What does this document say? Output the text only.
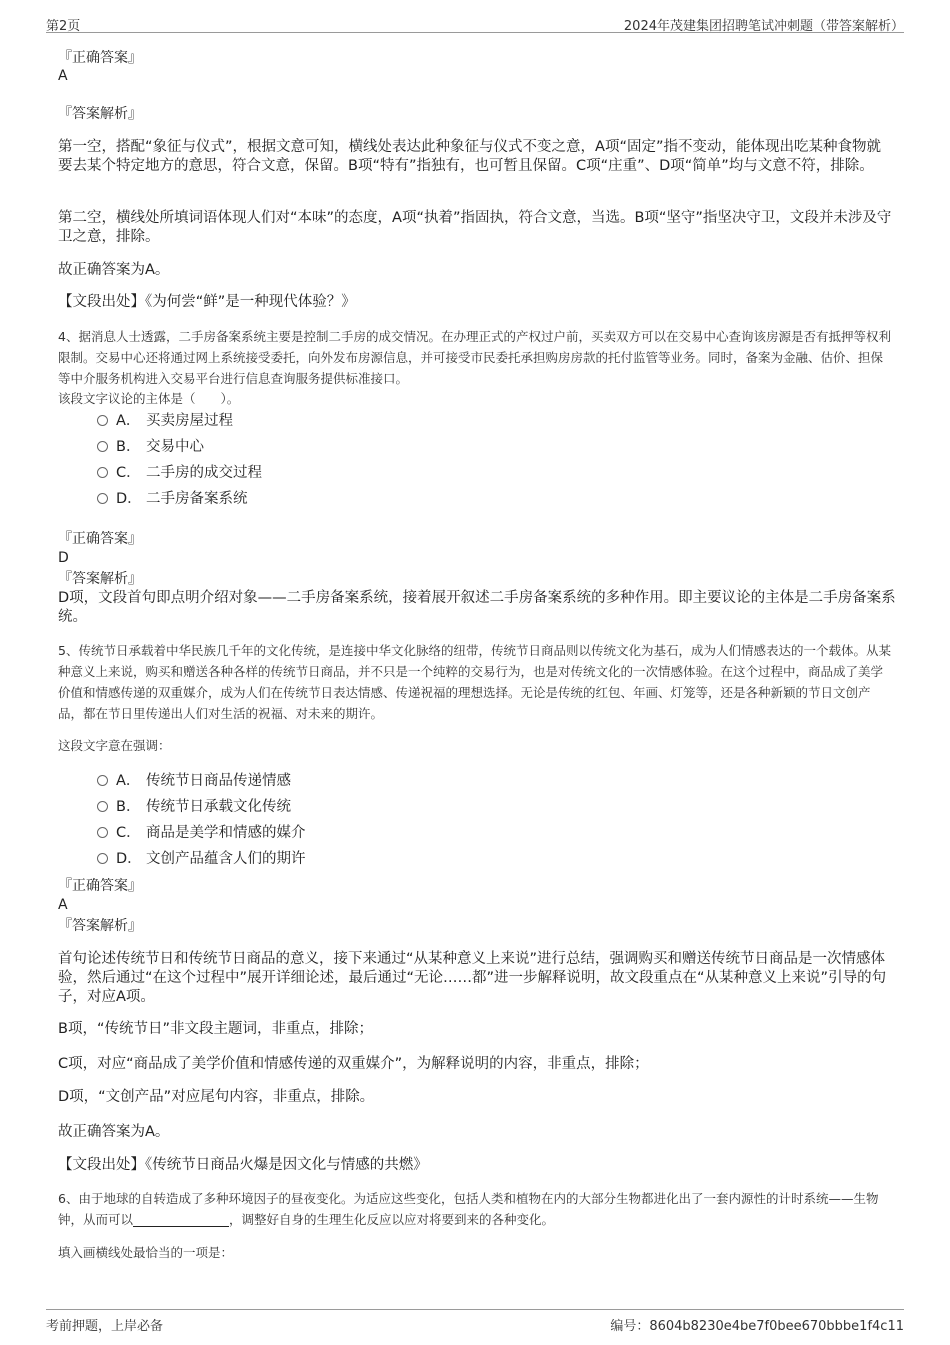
第2页	2024年茂建集团招聘笔试冲刺题（带答案解析）
『正确答案』
A
『答案解析』
第一空，搭配“象征与仪式”，根据文意可知，横线处表达此种象征与仪式不变之意，A项“固定”指不变动，能体现出吃某种食物就要去某个特定地方的意思，符合文意，保留。B项“特有”指独有，也可暂且保留。C项“庄重”、D项“简单”均与文意不符，排除。
第二空，横线处所填词语体现人们对“本味”的态度，A项“执着”指固执，符合文意，当选。B项“坚守”指坚决守卫，文段并未涉及守卫之意，排除。
故正确答案为A。
【文段出处】《为何尝“鲜”是一种现代体验？》
4、据消息人士透露，二手房备案系统主要是控制二手房的成交情况。在办理正式的产权过户前，买卖双方可以在交易中心查询该房源是否有抵押等权利限制。交易中心还将通过网上系统接受委托，向外发布房源信息，并可接受市民委托承担购房房款的托付监管等业务。同时，备案为金融、估价、担保等中介服务机构进入交易平台进行信息查询服务提供标准接口。
该段文字议论的主体是（　　）。
A． 买卖房屋过程
B． 交易中心
C． 二手房的成交过程
D． 二手房备案系统
『正确答案』
D
『答案解析』
D项，文段首句即点明介绍对象——二手房备案系统，接着展开叙述二手房备案系统的多种作用。即主要议论的主体是二手房备案系统。
5、传统节日承载着中华民族几千年的文化传统，是连接中华文化脉络的纽带，传统节日商品则以传统文化为基石，成为人们情感表达的一个载体。从某种意义上来说，购买和赠送各种各样的传统节日商品，并不只是一个纯粹的交易行为，也是对传统文化的一次情感体验。在这个过程中，商品成了美学价值和情感传递的双重媒介，成为人们在传统节日表达情感、传递祝福的理想选择。无论是传统的红包、年画、灯笼等，还是各种新颖的节日文创产品，都在节日里传递出人们对生活的祝福、对未来的期许。
这段文字意在强调：
A． 传统节日商品传递情感
B． 传统节日承载文化传统
C． 商品是美学和情感的媒介
D． 文创产品蕴含人们的期许
『正确答案』
A
『答案解析』
首句论述传统节日和传统节日商品的意义，接下来通过“从某种意义上来说”进行总结，强调购买和赠送传统节日商品是一次情感体验，然后通过“在这个过程中”展开详细论述，最后通过“无论……都”进一步解释说明，故文段重点在“从某种意义上来说”引导的句子，对应A项。
B项，“传统节日”非文段主题词，非重点，排除；
C项，对应“商品成了美学价值和情感传递的双重媒介”，为解释说明的内容，非重点，排除；
D项，“文创产品”对应尾句内容，非重点，排除。
故正确答案为A。
【文段出处】《传统节日商品火爆是因文化与情感的共燃》
6、由于地球的自转造成了多种环境因子的昼夜变化。为适应这些变化，包括人类和植物在内的大部分生物都进化出了一套内源性的计时系统——生物钟，从而可以	，调整好自身的生理生化反应以应对将要到来的各种变化。
填入画横线处最恰当的一项是：
考前押题，上岸必备	编号：8604b8230e4be7f0bee670bbbe1f4c11
